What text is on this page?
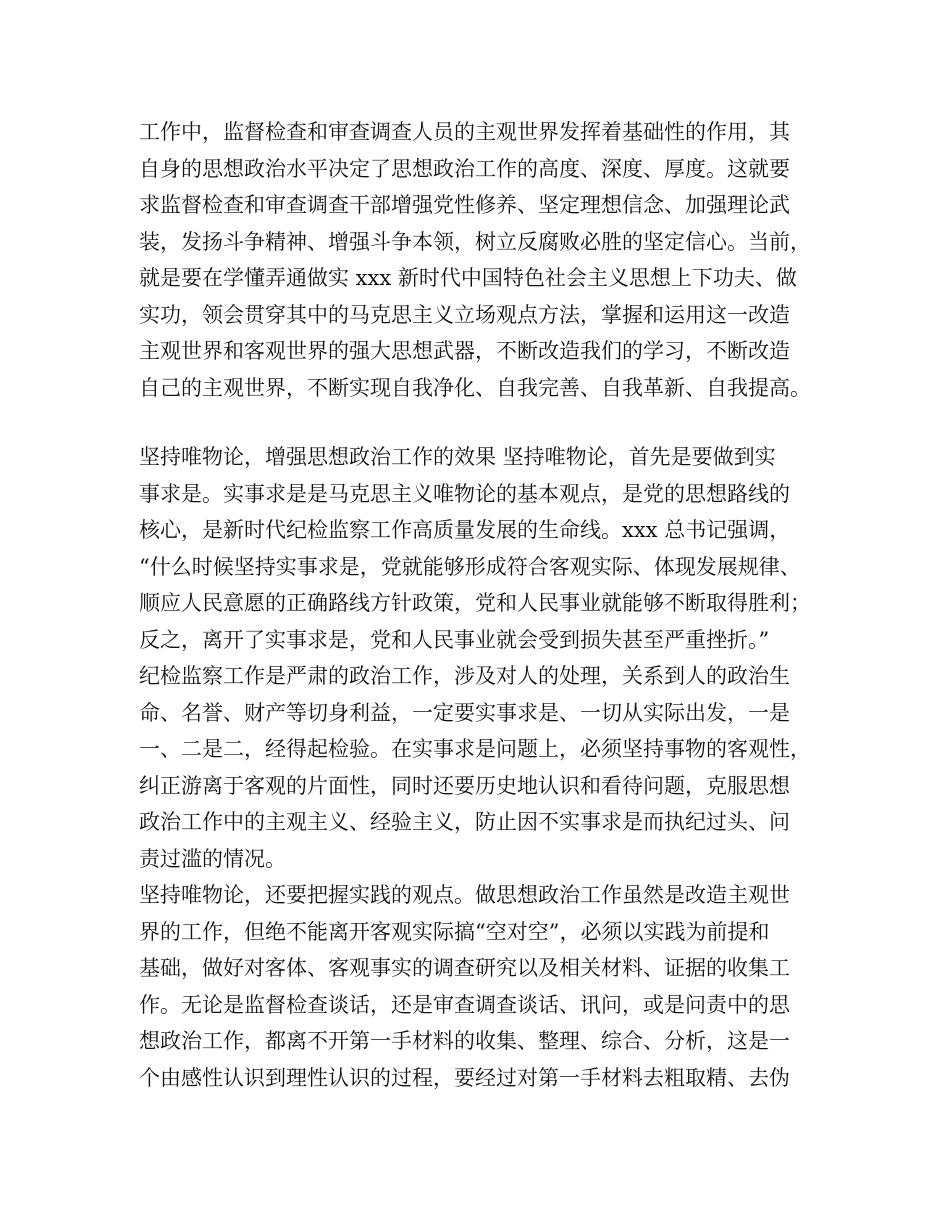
工作中，监督检查和审查调查人员的主观世界发挥着基础性的作用，其
自身的思想政治水平决定了思想政治工作的高度、深度、厚度。这就要
求监督检查和审查调查干部增强党性修养、坚定理想信念、加强理论武
装，发扬斗争精神、增强斗争本领，树立反腐败必胜的坚定信心。当前，
就是要在学懂弄通做实 xxx 新时代中国特色社会主义思想上下功夫、做
实功，领会贯穿其中的马克思主义立场观点方法，掌握和运用这一改造
主观世界和客观世界的强大思想武器，不断改造我们的学习，不断改造
自己的主观世界，不断实现自我净化、自我完善、自我革新、自我提高。
坚持唯物论，增强思想政治工作的效果 坚持唯物论，首先是要做到实
事求是。实事求是是马克思主义唯物论的基本观点，是党的思想路线的
核心，是新时代纪检监察工作高质量发展的生命线。xxx 总书记强调，
“什么时候坚持实事求是，党就能够形成符合客观实际、体现发展规律、
顺应人民意愿的正确路线方针政策，党和人民事业就能够不断取得胜利；
反之，离开了实事求是，党和人民事业就会受到损失甚至严重挫折。”
纪检监察工作是严肃的政治工作，涉及对人的处理，关系到人的政治生
命、名誉、财产等切身利益，一定要实事求是、一切从实际出发，一是
一、二是二，经得起检验。在实事求是问题上，必须坚持事物的客观性，
纠正游离于客观的片面性，同时还要历史地认识和看待问题，克服思想
政治工作中的主观主义、经验主义，防止因不实事求是而执纪过头、问
责过滥的情况。
坚持唯物论，还要把握实践的观点。做思想政治工作虽然是改造主观世
界的工作，但绝不能离开客观实际搞“空对空”，必须以实践为前提和
基础，做好对客体、客观事实的调查研究以及相关材料、证据的收集工
作。无论是监督检查谈话，还是审查调查谈话、讯问，或是问责中的思
想政治工作，都离不开第一手材料的收集、整理、综合、分析，这是一
个由感性认识到理性认识的过程，要经过对第一手材料去粗取精、去伪
